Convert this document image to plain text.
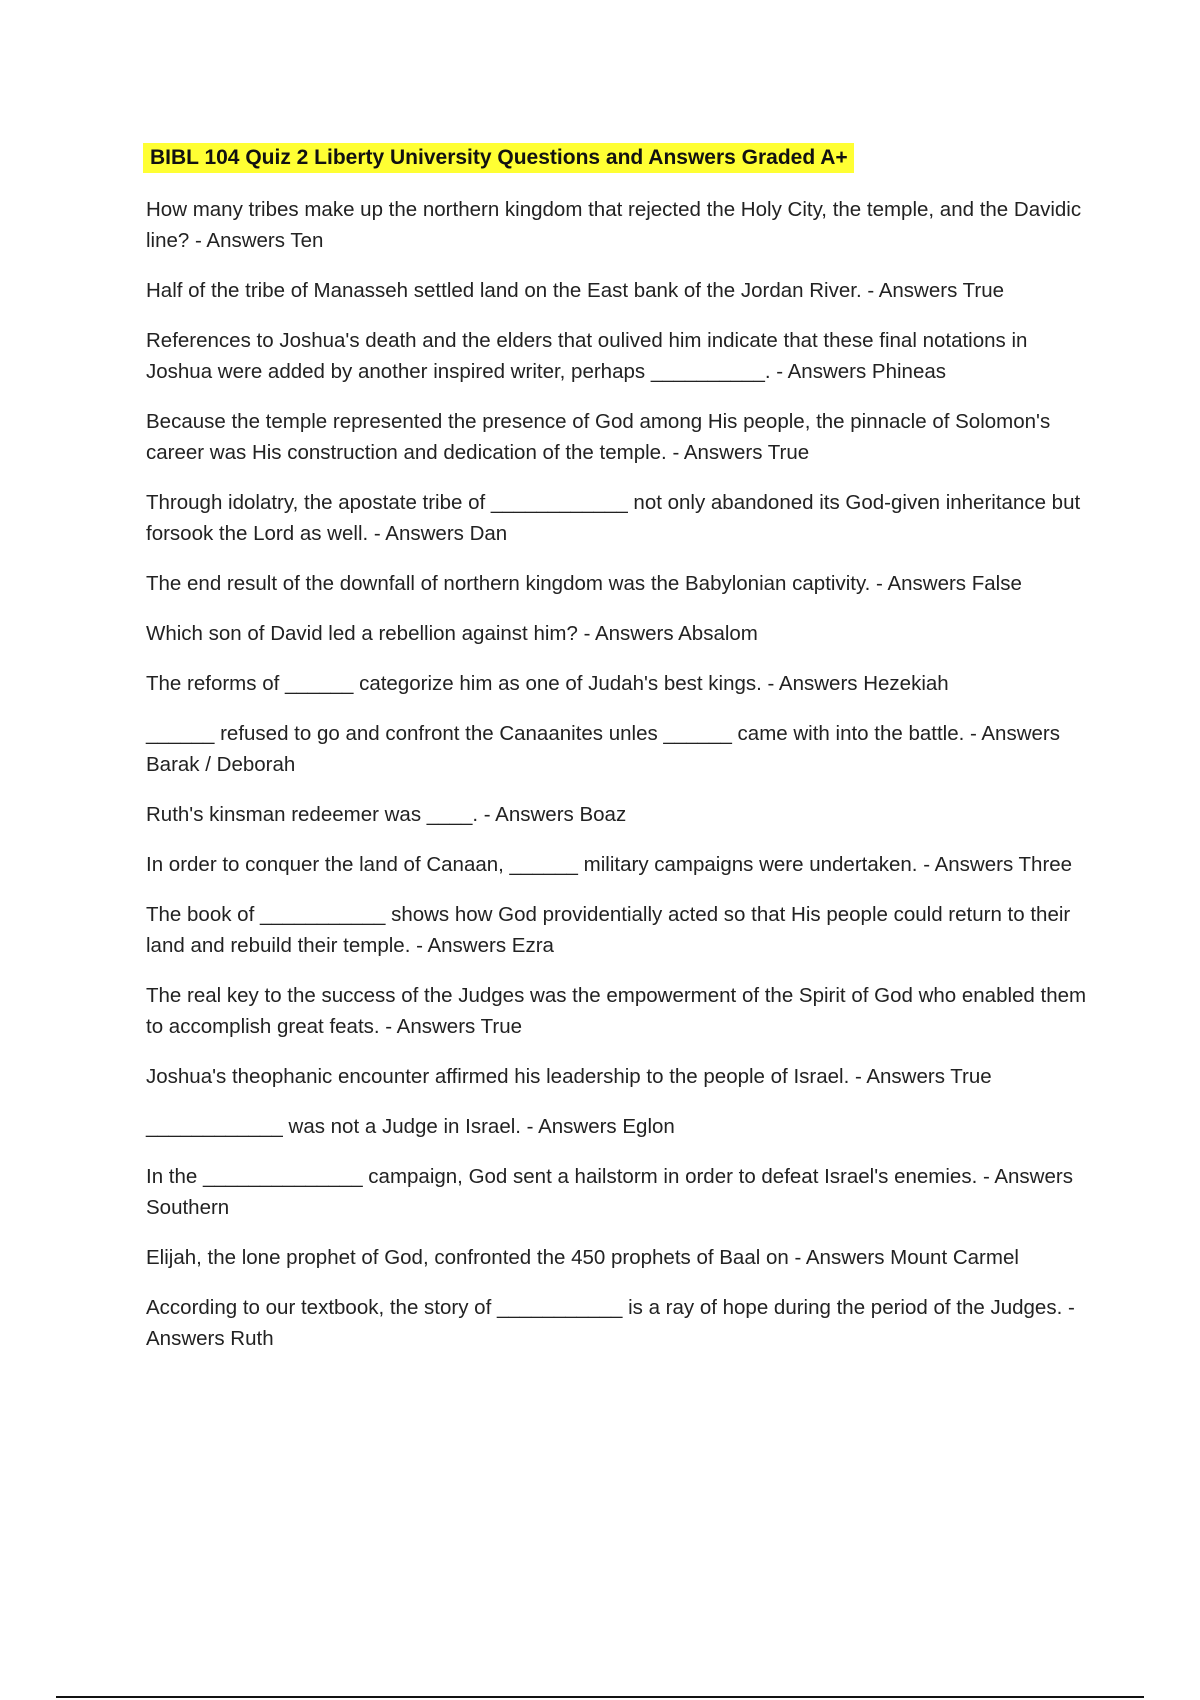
BIBL 104 Quiz 2 Liberty University Questions and Answers Graded A+
How many tribes make up the northern kingdom that rejected the Holy City, the temple, and the Davidic line? - Answers Ten
Half of the tribe of Manasseh settled land on the East bank of the Jordan River. - Answers True
References to Joshua's death and the elders that oulived him indicate that these final notations in Joshua were added by another inspired writer, perhaps __________. - Answers Phineas
Because the temple represented the presence of God among His people, the pinnacle of Solomon's career was His construction and dedication of the temple. - Answers True
Through idolatry, the apostate tribe of ____________ not only abandoned its God-given inheritance but forsook the Lord as well. - Answers Dan
The end result of the downfall of northern kingdom was the Babylonian captivity. - Answers False
Which son of David led a rebellion against him? - Answers Absalom
The reforms of ______ categorize him as one of Judah's best kings. - Answers Hezekiah
______ refused to go and confront the Canaanites unles ______ came with into the battle. - Answers Barak / Deborah
Ruth's kinsman redeemer was ____. - Answers Boaz
In order to conquer the land of Canaan, ______ military campaigns were undertaken. - Answers Three
The book of ___________ shows how God providentially acted so that His people could return to their land and rebuild their temple. - Answers Ezra
The real key to the success of the Judges was the empowerment of the Spirit of God who enabled them to accomplish great feats. - Answers True
Joshua's theophanic encounter affirmed his leadership to the people of Israel. - Answers True
____________ was not a Judge in Israel. - Answers Eglon
In the ______________ campaign, God sent a hailstorm in order to defeat Israel's enemies. - Answers Southern
Elijah, the lone prophet of God, confronted the 450 prophets of Baal on - Answers Mount Carmel
According to our textbook, the story of ___________ is a ray of hope during the period of the Judges. - Answers Ruth
